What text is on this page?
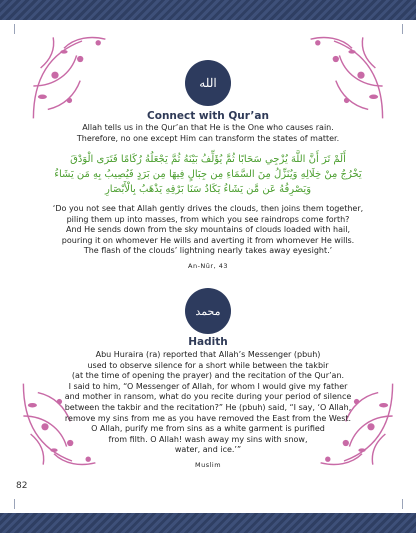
الله
Connect with Qur’an
Allah tells us in the Qur’an that He is the One who causes rain.
Therefore, no one except Him can transform the states of matter.
أَلَمْ تَرَ أَنَّ اللَّهَ يُزْجِي سَحَابًا ثُمَّ يُؤَلِّفُ بَيْنَهُ ثُمَّ يَجْعَلُهُ رُكَامًا فَتَرَى الْوَدْقَ
يَخْرُجُ مِنْ خِلَالِهِ وَيُنَزِّلُ مِنَ السَّمَاءِ مِن جِبَالٍ فِيهَا مِن بَرَدٍ فَيُصِيبُ بِهِ مَن يَشَاءُ
وَيَصْرِفُهُ عَن مَّن يَشَاءُ يَكَادُ سَنَا بَرْقِهِ يَذْهَبُ بِالْأَبْصَارِ
‘Do you not see that Allah gently drives the clouds, then joins them together,
piling them up into masses, from which you see raindrops come forth?
And He sends down from the sky mountains of clouds loaded with hail,
pouring it on whomever He wills and averting it from whomever He wills.
The flash of the clouds’ lightning nearly takes away eyesight.’
An-Nūr, 43
محمد
Hadith
Abu Huraira (ra) reported that Allah’s Messenger (pbuh)
used to observe silence for a short while between the takbir
(at the time of opening the prayer) and the recitation of the Qur’an.
I said to him, “O Messenger of Allah, for whom I would give my father
and mother in ransom, what do you recite during your period of silence
between the takbir and the recitation?” He (pbuh) said, “I say, ‘O Allah,
remove my sins from me as you have removed the East from the West.
O Allah, purify me from sins as a white garment is purified
from filth. O Allah! wash away my sins with snow,
water, and ice.’”
Muslim
82
